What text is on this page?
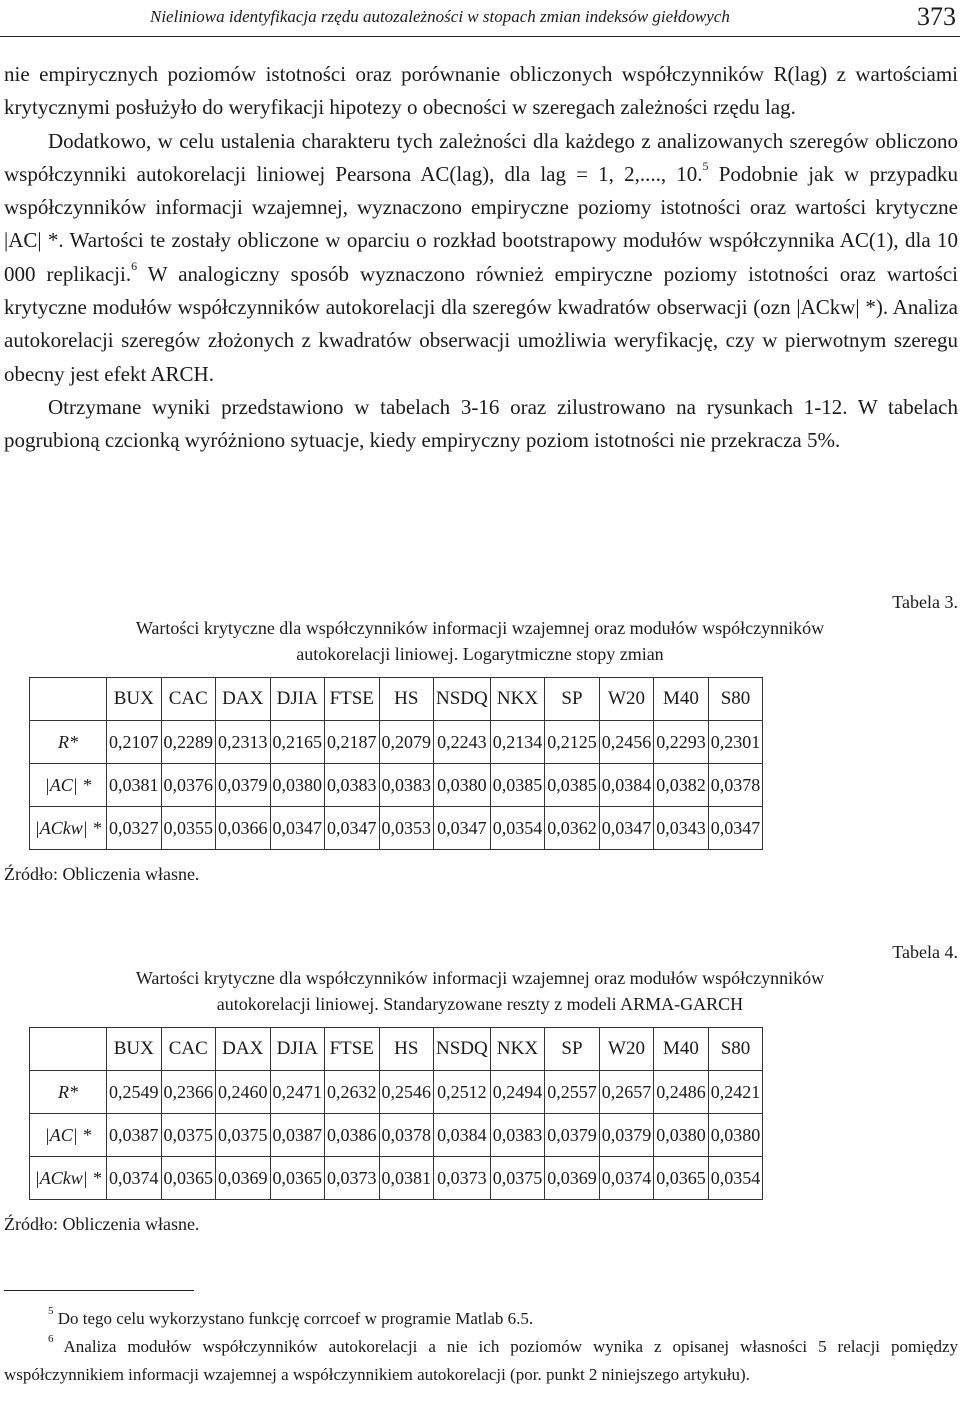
Nieliniowa identyfikacja rzędu autozależności w stopach zmian indeksów giełdowych	373

nie empirycznych poziomów istotności oraz porównanie obliczonych współczynników R(lag) z wartościami krytycznymi posłużyło do weryfikacji hipotezy o obecności w szeregach zależności rzędu lag.

Dodatkowo, w celu ustalenia charakteru tych zależności dla każdego z analizowanych szeregów obliczono współczynniki autokorelacji liniowej Pearsona AC(lag), dla lag = 1, 2,...., 10.$^5$ Podobnie jak w przypadku współczynników informacji wzajemnej, wyznaczono empiryczne poziomy istotności oraz wartości krytyczne |AC| *. Wartości te zostały obliczone w oparciu o rozkład bootstrapowy modułów współczynnika AC(1), dla 10 000 replikacji.$^6$ W analogiczny sposób wyznaczono również empiryczne poziomy istotności oraz wartości krytyczne modułów współczynników autokorelacji dla szeregów kwadratów obserwacji (ozn |ACkw| *). Analiza autokorelacji szeregów złożonych z kwadratów obserwacji umożliwia weryfikację, czy w pierwotnym szeregu obecny jest efekt ARCH.

Otrzymane wyniki przedstawiono w tabelach 3-16 oraz zilustrowano na rysunkach 1-12. W tabelach pogrubioną czcionką wyróżniono sytuacje, kiedy empiryczny poziom istotności nie przekracza 5%.

Tabela 3.
Wartości krytyczne dla współczynników informacji wzajemnej oraz modułów współczynników
autokorelacji liniowej. Logarytmiczne stopy zmian
	BUX	CAC	DAX	DJIA	FTSE	HS	NSDQ	NKX	SP	W20	M40	S80
R*	0,2107	0,2289	0,2313	0,2165	0,2187	0,2079	0,2243	0,2134	0,2125	0,2456	0,2293	0,2301
|AC| *	0,0381	0,0376	0,0379	0,0380	0,0383	0,0383	0,0380	0,0385	0,0385	0,0384	0,0382	0,0378
|ACkw| *	0,0327	0,0355	0,0366	0,0347	0,0347	0,0353	0,0347	0,0354	0,0362	0,0347	0,0343	0,0347
Źródło: Obliczenia własne.
Tabela 4.
Wartości krytyczne dla współczynników informacji wzajemnej oraz modułów współczynników
autokorelacji liniowej. Standaryzowane reszty z modeli ARMA-GARCH
	BUX	CAC	DAX	DJIA	FTSE	HS	NSDQ	NKX	SP	W20	M40	S80
R*	0,2549	0,2366	0,2460	0,2471	0,2632	0,2546	0,2512	0,2494	0,2557	0,2657	0,2486	0,2421
|AC| *	0,0387	0,0375	0,0375	0,0387	0,0386	0,0378	0,0384	0,0383	0,0379	0,0379	0,0380	0,0380
|ACkw| *	0,0374	0,0365	0,0369	0,0365	0,0373	0,0381	0,0373	0,0375	0,0369	0,0374	0,0365	0,0354
Źródło: Obliczenia własne.

$^5$ Do tego celu wykorzystano funkcję corrcoef w programie Matlab 6.5.

$^6$ Analiza modułów współczynników autokorelacji a nie ich poziomów wynika z opisanej własności 5 relacji pomiędzy współczynnikiem informacji wzajemnej a współczynnikiem autokorelacji (por. punkt 2 niniejszego artykułu).
